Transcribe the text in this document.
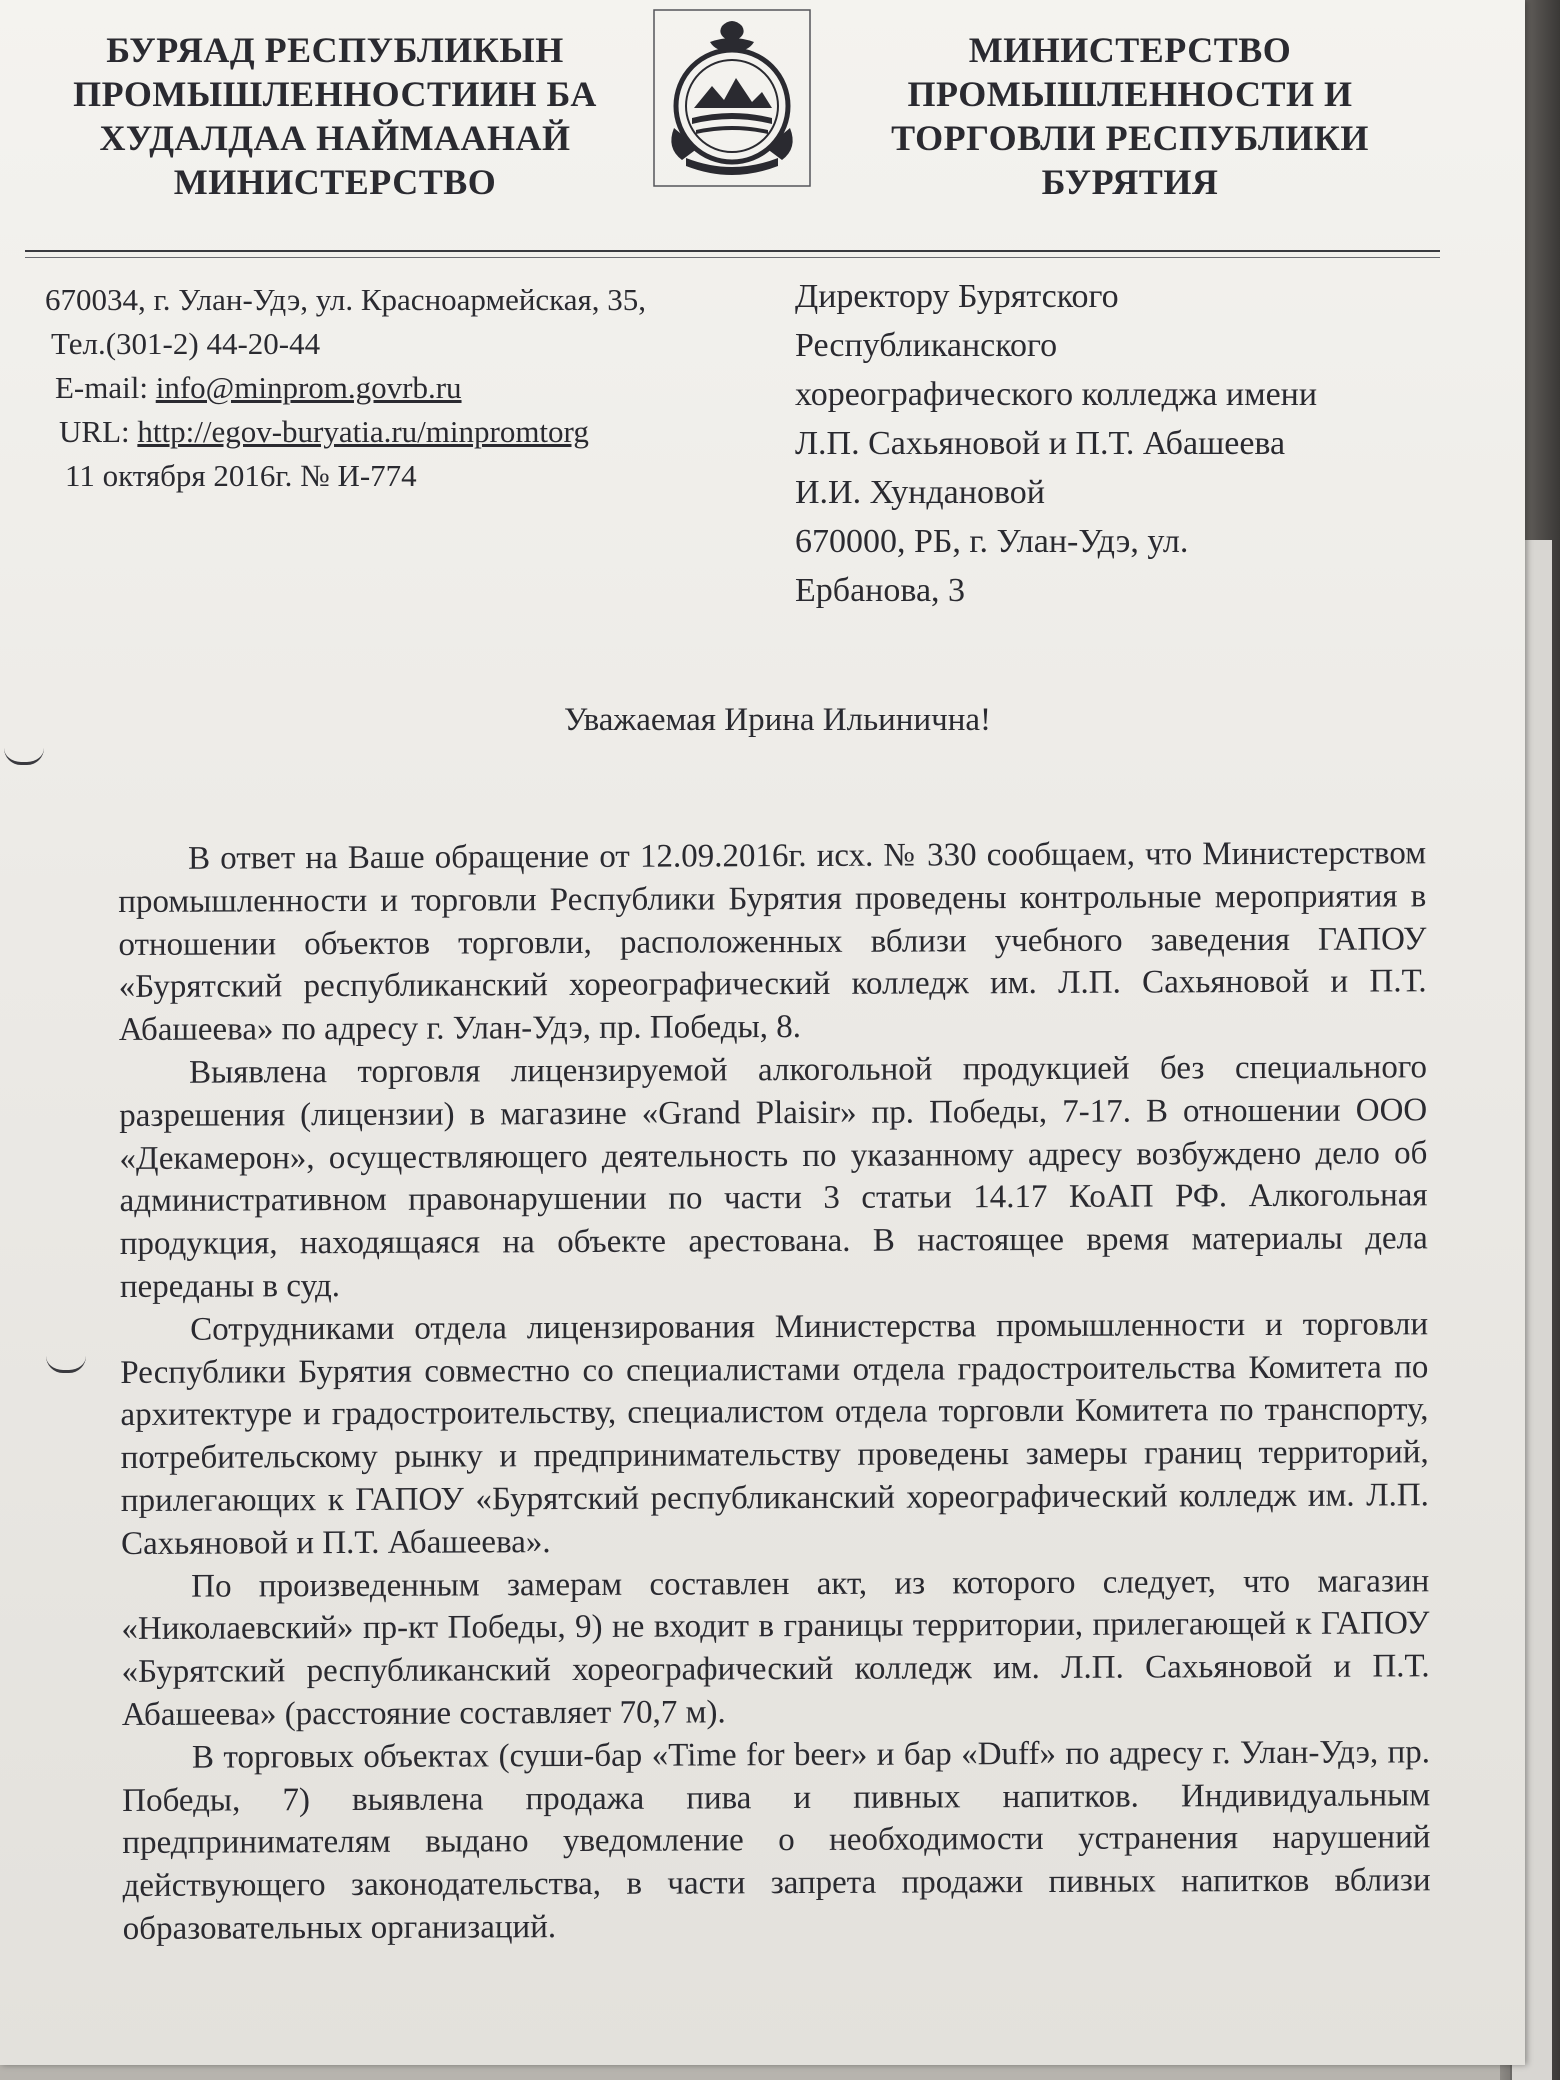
БУРЯАД РЕСПУБЛИКЫН
ПРОМЫШЛЕННОСТИИН БА
ХУДАЛДАА НАЙМААНАЙ
МИНИСТЕРСТВО
МИНИСТЕРСТВО
ПРОМЫШЛЕННОСТИ И
ТОРГОВЛИ РЕСПУБЛИКИ
БУРЯТИЯ
670034, г. Улан-Удэ, ул. Красноармейская, 35,
Тел.(301-2) 44-20-44
E-mail: info@minprom.govrb.ru
URL: http://egov-buryatia.ru/minpromtorg
11 октября 2016г. № И-774
Директору Бурятского
Республиканского
хореографического колледжа имени
Л.П. Сахьяновой и П.Т. Абашеева
И.И. Хундановой
670000, РБ, г. Улан-Удэ, ул.
Ербанова, 3
Уважаемая Ирина Ильинична!

В ответ на Ваше обращение от 12.09.2016г. исх. № 330 сообщаем, что Министерством промышленности и торговли Республики Бурятия проведены контрольные мероприятия в отношении объектов торговли, расположенных вблизи учебного заведения ГАПОУ «Бурятский республиканский хореографический колледж им. Л.П. Сахьяновой и П.Т. Абашеева» по адресу г. Улан-Удэ, пр. Победы, 8.

Выявлена торговля лицензируемой алкогольной продукцией без специального разрешения (лицензии) в магазине «Grand Plaisir» пр. Победы, 7-17. В отношении ООО «Декамерон», осуществляющего деятельность по указанному адресу возбуждено дело об административном правонарушении по части 3 статьи 14.17 КоАП РФ. Алкогольная продукция, находящаяся на объекте арестована. В настоящее время материалы дела переданы в суд.

Сотрудниками отдела лицензирования Министерства промышленности и торговли Республики Бурятия совместно со специалистами отдела градостроительства Комитета по архитектуре и градостроительству, специалистом отдела торговли Комитета по транспорту, потребительскому рынку и предпринимательству проведены замеры границ территорий, прилегающих к ГАПОУ «Бурятский республиканский хореографический колледж им. Л.П. Сахьяновой и П.Т. Абашеева».

По произведенным замерам составлен акт, из которого следует, что магазин «Николаевский» пр-кт Победы, 9) не входит в границы территории, прилегающей к ГАПОУ «Бурятский республиканский хореографический колледж им. Л.П. Сахьяновой и П.Т. Абашеева» (расстояние составляет 70,7 м).

В торговых объектах (суши-бар «Time for beer» и бар «Duff» по адресу г. Улан-Удэ, пр. Победы, 7) выявлена продажа пива и пивных напитков. Индивидуальным предпринимателям выдано уведомление о необходимости устранения нарушений действующего законодательства, в части запрета продажи пивных напитков вблизи образовательных организаций.
